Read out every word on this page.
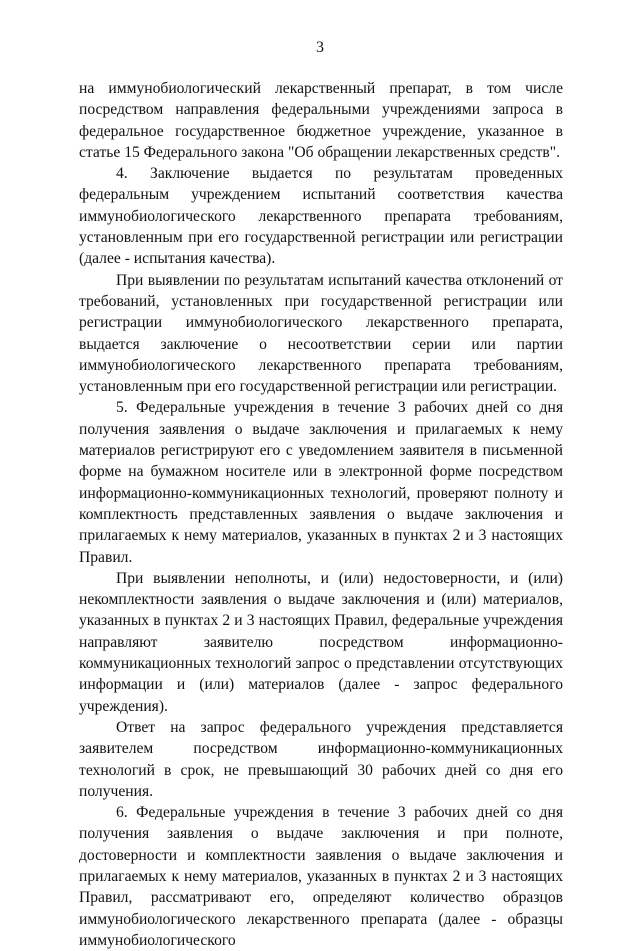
3

на иммунобиологический лекарственный препарат, в том числе посредством направления федеральными учреждениями запроса в федеральное государственное бюджетное учреждение, указанное в статье 15 Федерального закона "Об обращении лекарственных средств".

4. Заключение выдается по результатам проведенных федеральным учреждением испытаний соответствия качества иммунобиологического лекарственного препарата требованиям, установленным при его государственной регистрации или регистрации (далее - испытания качества).

При выявлении по результатам испытаний качества отклонений от требований, установленных при государственной регистрации или регистрации иммунобиологического лекарственного препарата, выдается заключение о несоответствии серии или партии иммунобиологического лекарственного препарата требованиям, установленным при его государственной регистрации или регистрации.

5. Федеральные учреждения в течение 3 рабочих дней со дня получения заявления о выдаче заключения и прилагаемых к нему материалов регистрируют его с уведомлением заявителя в письменной форме на бумажном носителе или в электронной форме посредством информационно-коммуникационных технологий, проверяют полноту и комплектность представленных заявления о выдаче заключения и прилагаемых к нему материалов, указанных в пунктах 2 и 3 настоящих Правил.

При выявлении неполноты, и (или) недостоверности, и (или) некомплектности заявления о выдаче заключения и (или) материалов, указанных в пунктах 2 и 3 настоящих Правил, федеральные учреждения направляют заявителю посредством информационно-коммуникационных технологий запрос о представлении отсутствующих информации и (или) материалов (далее - запрос федерального учреждения).

Ответ на запрос федерального учреждения представляется заявителем посредством информационно-коммуникационных технологий в срок, не превышающий 30 рабочих дней со дня его получения.

6. Федеральные учреждения в течение 3 рабочих дней со дня получения заявления о выдаче заключения и при полноте, достоверности и комплектности заявления о выдаче заключения и прилагаемых к нему материалов, указанных в пунктах 2 и 3 настоящих Правил, рассматривают его, определяют количество образцов иммунобиологического лекарственного препарата (далее - образцы иммунобиологического
